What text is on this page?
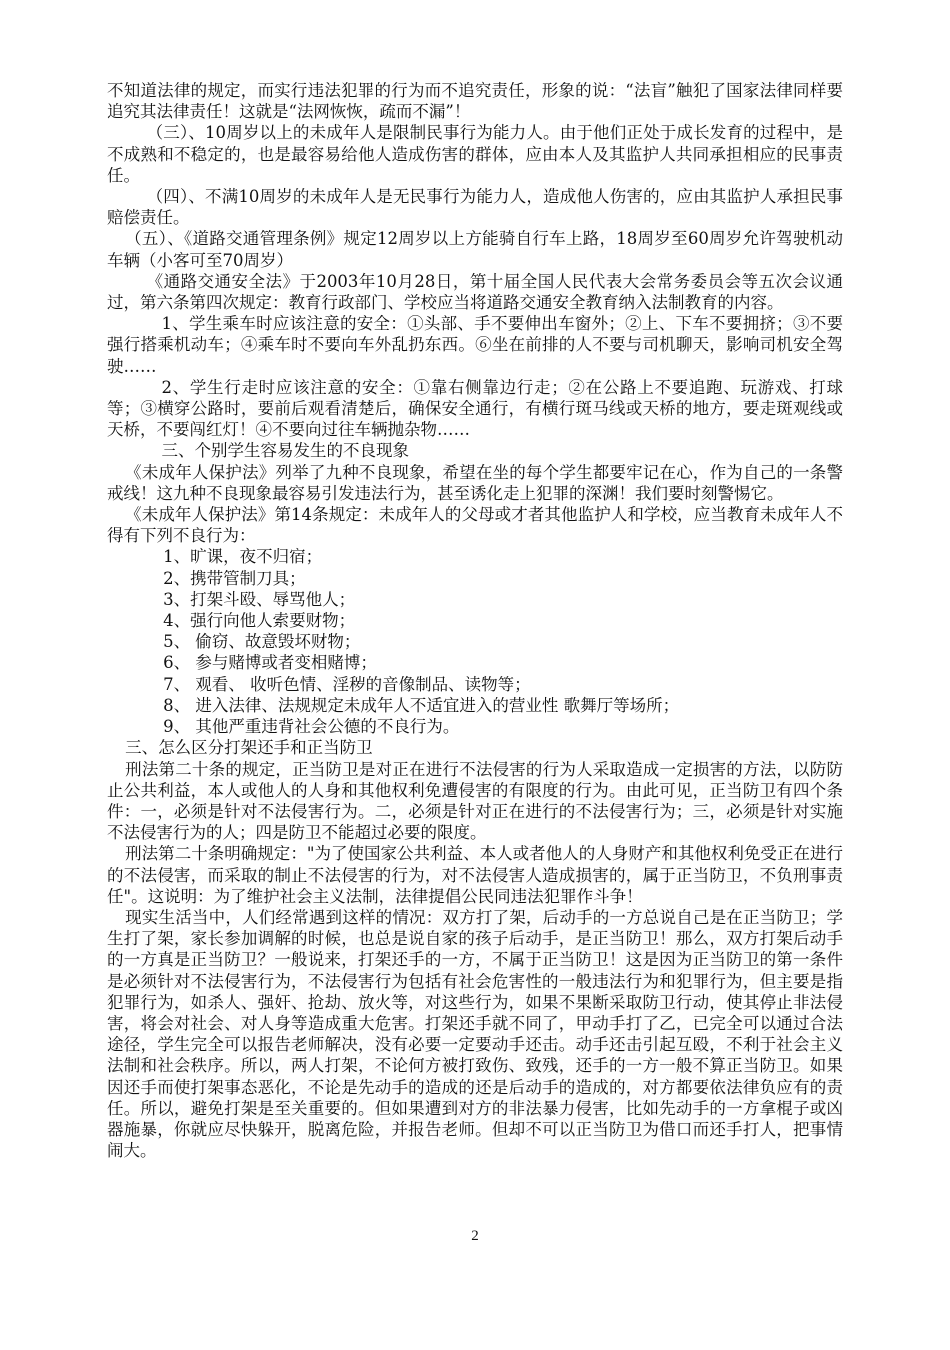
不知道法律的规定，而实行违法犯罪的行为而不追究责任，形象的说：“法盲”触犯了国家法律同样要追究其法律责任！这就是“法网恢恢，疏而不漏”！

（三）、10周岁以上的未成年人是限制民事行为能力人。由于他们正处于成长发育的过程中，是不成熟和不稳定的，也是最容易给他人造成伤害的群体，应由本人及其监护人共同承担相应的民事责任。

（四）、不满10周岁的未成年人是无民事行为能力人，造成他人伤害的，应由其监护人承担民事赔偿责任。

（五）、《道路交通管理条例》规定12周岁以上方能骑自行车上路，18周岁至60周岁允许驾驶机动车辆（小客可至70周岁）

《通路交通安全法》于2003年10月28日，第十届全国人民代表大会常务委员会等五次会议通过，第六条第四次规定：教育行政部门、学校应当将道路交通安全教育纳入法制教育的内容。

1、学生乘车时应该注意的安全：①头部、手不要伸出车窗外；②上、下车不要拥挤；③不要强行搭乘机动车；④乘车时不要向车外乱扔东西。⑥坐在前排的人不要与司机聊天，影响司机安全驾驶……

2、学生行走时应该注意的安全：①靠右侧靠边行走；②在公路上不要追跑、玩游戏、打球等；③横穿公路时，要前后观看清楚后，确保安全通行，有横行斑马线或天桥的地方，要走斑观线或天桥，不要闯红灯！④不要向过往车辆抛杂物……

三、个别学生容易发生的不良现象

《未成年人保护法》列举了九种不良现象，希望在坐的每个学生都要牢记在心，作为自己的一条警戒线！这九种不良现象最容易引发违法行为，甚至诱化走上犯罪的深渊！我们要时刻警惕它。

《未成年人保护法》第14条规定：未成年人的父母或才者其他监护人和学校，应当教育未成年人不得有下列不良行为：

1、旷课，夜不归宿；

2、携带管制刀具；

3、打架斗殴、辱骂他人；

4、强行向他人索要财物；

5、 偷窃、故意毁坏财物；

6、 参与赌博或者变相赌博；

7、 观看、 收听色情、淫秽的音像制品、读物等；

8、 进入法律、法规规定未成年人不适宜进入的营业性 歌舞厅等场所；

9、 其他严重违背社会公德的不良行为。

三、怎么区分打架还手和正当防卫

刑法第二十条的规定，正当防卫是对正在进行不法侵害的行为人采取造成一定损害的方法，以防防止公共利益，本人或他人的人身和其他权利免遭侵害的有限度的行为。由此可见，正当防卫有四个条件：一，必须是针对不法侵害行为。二，必须是针对正在进行的不法侵害行为；三，必须是针对实施不法侵害行为的人；四是防卫不能超过必要的限度。

刑法第二十条明确规定："为了使国家公共利益、本人或者他人的人身财产和其他权利免受正在进行的不法侵害，而采取的制止不法侵害的行为，对不法侵害人造成损害的，属于正当防卫，不负刑事责任"。这说明：为了维护社会主义法制，法律提倡公民同违法犯罪作斗争！

现实生活当中，人们经常遇到这样的情况：双方打了架，后动手的一方总说自己是在正当防卫；学生打了架，家长参加调解的时候，也总是说自家的孩子后动手，是正当防卫！那么，双方打架后动手的一方真是正当防卫？一般说来，打架还手的一方，不属于正当防卫！这是因为正当防卫的第一条件是必须针对不法侵害行为，不法侵害行为包括有社会危害性的一般违法行为和犯罪行为，但主要是指犯罪行为，如杀人、强奸、抢劫、放火等，对这些行为，如果不果断采取防卫行动，使其停止非法侵害，将会对社会、对人身等造成重大危害。打架还手就不同了，甲动手打了乙，已完全可以通过合法途径，学生完全可以报告老师解决，没有必要一定要动手还击。动手还击引起互殴，不利于社会主义法制和社会秩序。所以，两人打架，不论何方被打致伤、致残，还手的一方一般不算正当防卫。如果因还手而使打架事态恶化，不论是先动手的造成的还是后动手的造成的，对方都要依法律负应有的责任。所以，避免打架是至关重要的。但如果遭到对方的非法暴力侵害，比如先动手的一方拿棍子或凶器施暴，你就应尽快躲开，脱离危险，并报告老师。但却不可以正当防卫为借口而还手打人，把事情闹大。

2
